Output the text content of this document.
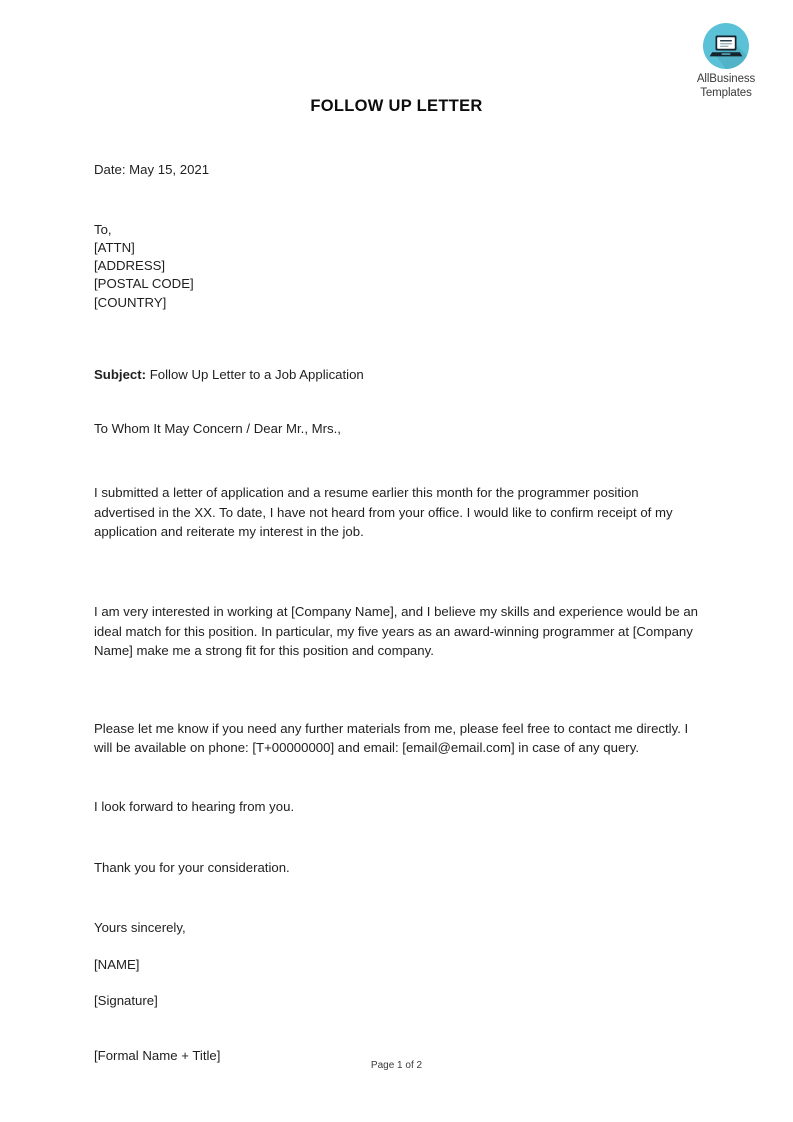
AllBusiness
Templates
FOLLOW UP LETTER
Date: May 15, 2021
To,
[ATTN]
[ADDRESS]
[POSTAL CODE]
[COUNTRY]
Subject: Follow Up Letter to a Job Application
To Whom It May Concern / Dear Mr., Mrs.,
I submitted a letter of application and a resume earlier this month for the programmer position advertised in the XX. To date, I have not heard from your office. I would like to confirm receipt of my application and reiterate my interest in the job.
I am very interested in working at [Company Name], and I believe my skills and experience would be an ideal match for this position. In particular, my five years as an award-winning programmer at [Company Name] make me a strong fit for this position and company.
Please let me know if you need any further materials from me, please feel free to contact me directly. I will be available on phone: [T+00000000] and email: [email@email.com] in case of any query.
I look forward to hearing from you.
Thank you for your consideration.
Yours sincerely,
[NAME]
[Signature]
[Formal Name + Title]
Page 1 of 2
